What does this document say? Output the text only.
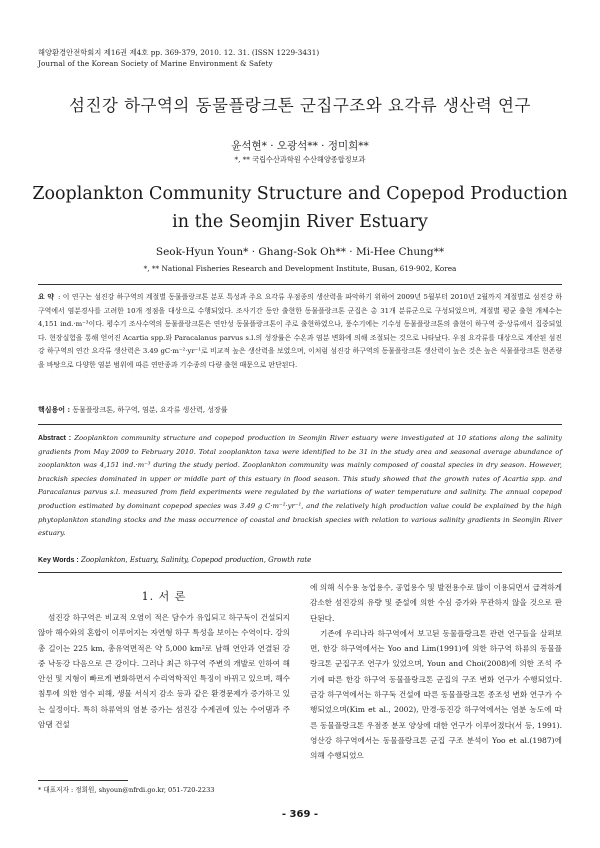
해양환경안전학회지 제16권 제4호 pp. 369-379, 2010. 12. 31. (ISSN 1229-3431)
Journal of the Korean Society of Marine Environment & Safety
섬진강 하구역의 동물플랑크톤 군집구조와 요각류 생산력 연구
윤석현* · 오광석** · 정미희**
*, ** 국립수산과학원 수산해양종합정보과
Zooplankton Community Structure and Copepod Production
in the Seomjin River Estuary
Seok-Hyun Youn* · Ghang-Sok Oh** · Mi-Hee Chung**
*, ** National Fisheries Research and Development Institute, Busan, 619-902, Korea
요 약 : 이 연구는 섬진강 하구역의 계절별 동물플랑크톤 분포 특성과 주요 요각류 우점종의 생산력을 파악하기 위하여 2009년 5월부터 2010년 2월까지 계절별로 섬진강 하구역에서 염분경사를 고려한 10개 정점을 대상으로 수행되었다. 조사기간 동안 출현한 동물플랑크톤 군집은 총 31개 분류군으로 구성되었으며, 계절별 평균 출현 개체수는 4,151 ind.·m⁻³이다. 평수기 조사수역의 동물플랑크톤은 연안성 동물플랑크톤이 주로 출현하였으나, 풍수기에는 기수성 동물플랑크톤의 출현이 하구역 중·상류에서 집중되었다. 현장실험을 통해 얻어진 Acartia spp.와 Paracalanus parvus s.l.의 성장률은 수온과 염분 변화에 의해 조절되는 것으로 나타났다. 우점 요각류를 대상으로 계산된 섬진강 하구역의 연간 요각류 생산력은 3.49 gC·m⁻²·yr⁻¹로 비교적 높은 생산력을 보였으며, 이처럼 섬진강 하구역의 동물플랑크톤 생산력이 높은 것은 높은 식물플랑크톤 현존량을 바탕으로 다양한 염분 범위에 따른 연안종과 기수종의 다량 출현 때문으로 판단된다.
핵심용어 : 동물플랑크톤, 하구역, 염분, 요각류 생산력, 성장률
Abstract : Zooplankton community structure and copepod production in Seomjin River estuary were investigated at 10 stations along the salinity gradients from May 2009 to February 2010. Total zooplankton taxa were identified to be 31 in the study area and seasonal average abundance of zooplankton was 4,151 ind.·m⁻³ during the study period. Zooplankton community was mainly composed of coastal species in dry season. However, brackish species dominated in upper or middle part of this estuary in flood season. This study showed that the growth rates of Acartia spp. and Paracalanus parvus s.l. measured from field experiments were regulated by the variations of water temperature and salinity. The annual copepod production estimated by dominant copepod species was 3.49 g C·m⁻²·yr⁻¹, and the relatively high production value could be explained by the high phytoplankton standing stocks and the mass occurrence of coastal and brackish species with relation to various salinity gradients in Seomjin River estuary.
Key Words : Zooplankton, Estuary, Salinity, Copepod production, Growth rate
1. 서 론

섬진강 하구역은 비교적 오염이 적은 담수가 유입되고 하구둑이 건설되지 않아 해수와의 혼합이 이루어지는 자연형 하구 특성을 보이는 수역이다. 강의 총 길이는 225 km, 총유역면적은 약 5,000 km²로 남해 연안과 연결된 강 중 낙동강 다음으로 큰 강이다. 그러나 최근 하구역 주변의 개발로 인하여 해안선 및 지형이 빠르게 변화하면서 수리역학적인 특징이 바뀌고 있으며, 해수 침투에 의한 염수 피해, 생물 서식지 감소 등과 같은 환경문제가 증가하고 있는 실정이다. 특히 하류역의 염분 증가는 섬진강 수계권에 있는 수어댐과 주암댐 건설

에 의해 식수용 농업용수, 공업용수 및 발전용수로 많이 이용되면서 급격하게 감소한 섬진강의 유량 및 준설에 의한 수심 증가와 무관하지 않을 것으로 판단된다.

기존에 우리나라 하구역에서 보고된 동물플랑크톤 관련 연구들을 살펴보면, 한강 하구역에서는 Yoo and Lim(1991)에 의한 하구역 하류의 동물플랑크톤 군집구조 연구가 있었으며, Youn and Choi(2008)에 의한 조석 주기에 따른 한강 하구역 동물플랑크톤 군집의 구조 변화 연구가 수행되었다. 금강 하구역에서는 하구둑 건설에 따른 동물플랑크톤 종조성 변화 연구가 수행되었으며(Kim et al., 2002), 만경·동진강 하구역에서는 염분 농도에 따른 동물플랑크톤 우점종 분포 양상에 대한 연구가 이루어졌다(서 등, 1991). 영산강 하구역에서는 동물플랑크톤 군집 구조 분석이 Yoo et al.(1987)에 의해 수행되었으

* 대표저자 : 정회원, shyoun@nfrdi.go.kr, 051-720-2233
- 369 -
